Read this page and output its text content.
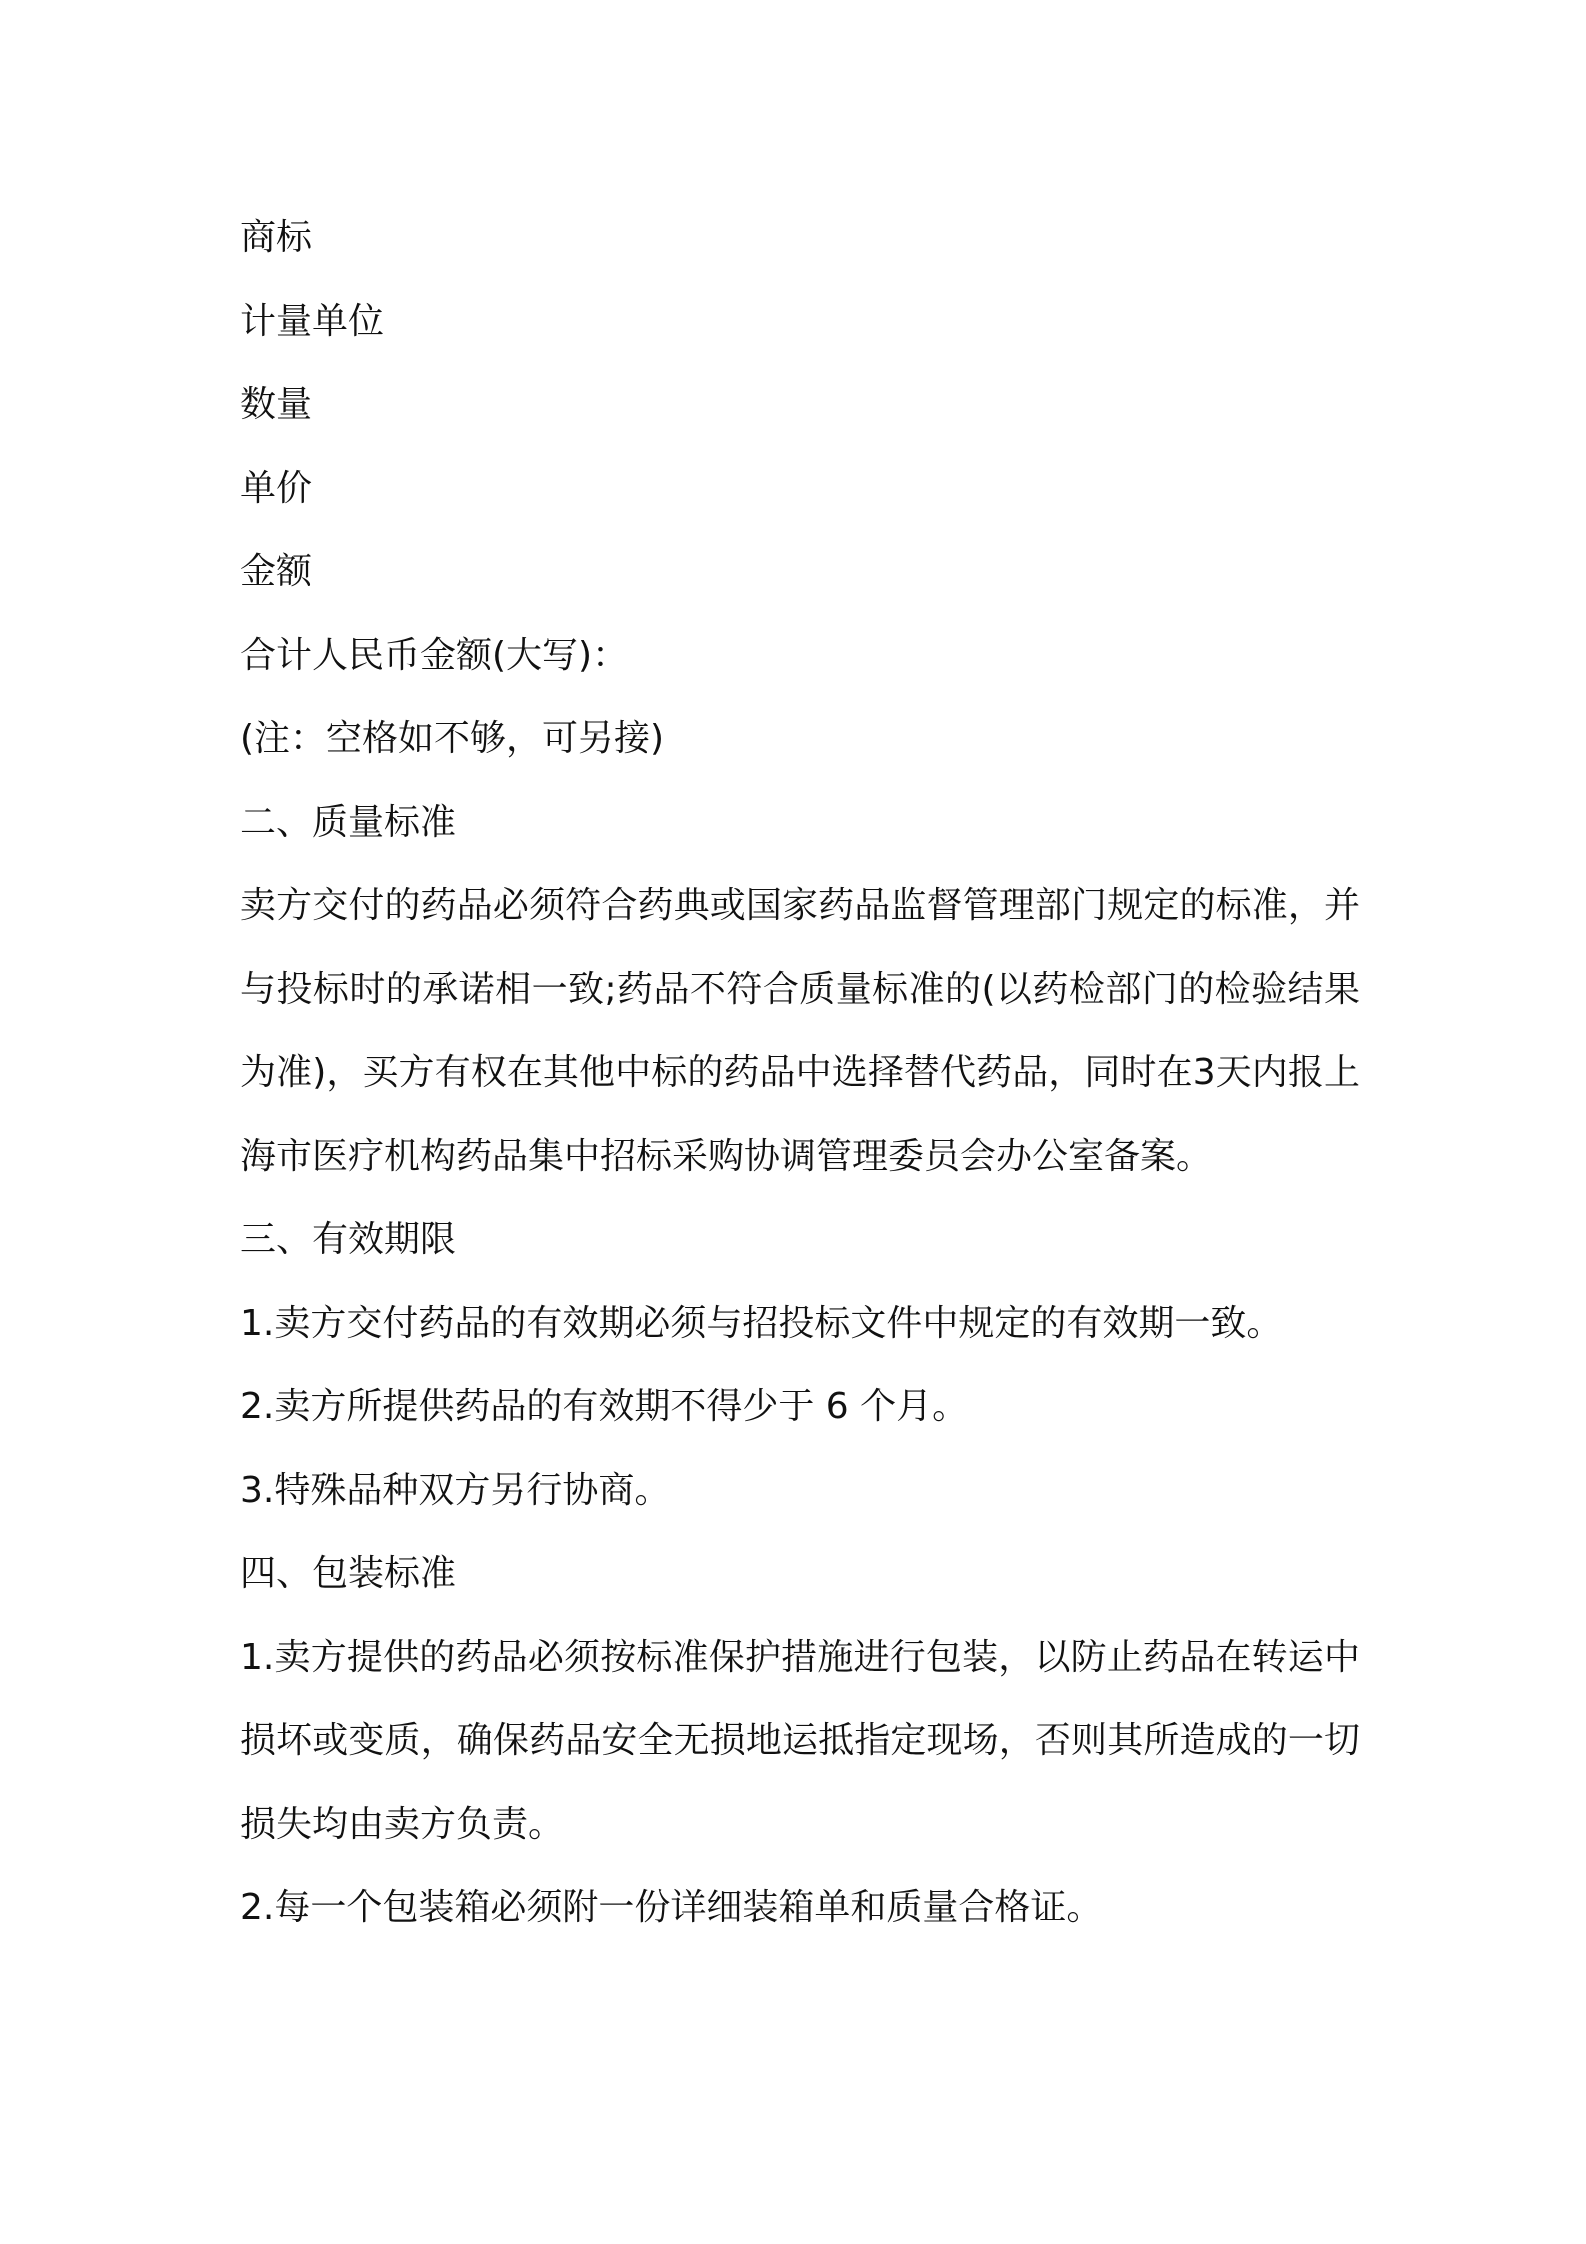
商标

计量单位

数量

单价

金额

合计人民币金额(大写)：

(注：空格如不够，可另接)

二、质量标准

卖方交付的药品必须符合药典或国家药品监督管理部门规定的标准，并与投标时的承诺相一致;药品不符合质量标准的(以药检部门的检验结果为准)，买方有权在其他中标的药品中选择替代药品，同时在3天内报上海市医疗机构药品集中招标采购协调管理委员会办公室备案。

三、有效期限

1.卖方交付药品的有效期必须与招投标文件中规定的有效期一致。

2.卖方所提供药品的有效期不得少于 6 个月。

3.特殊品种双方另行协商。

四、包装标准

1.卖方提供的药品必须按标准保护措施进行包装，以防止药品在转运中损坏或变质，确保药品安全无损地运抵指定现场，否则其所造成的一切损失均由卖方负责。

2.每一个包装箱必须附一份详细装箱单和质量合格证。
